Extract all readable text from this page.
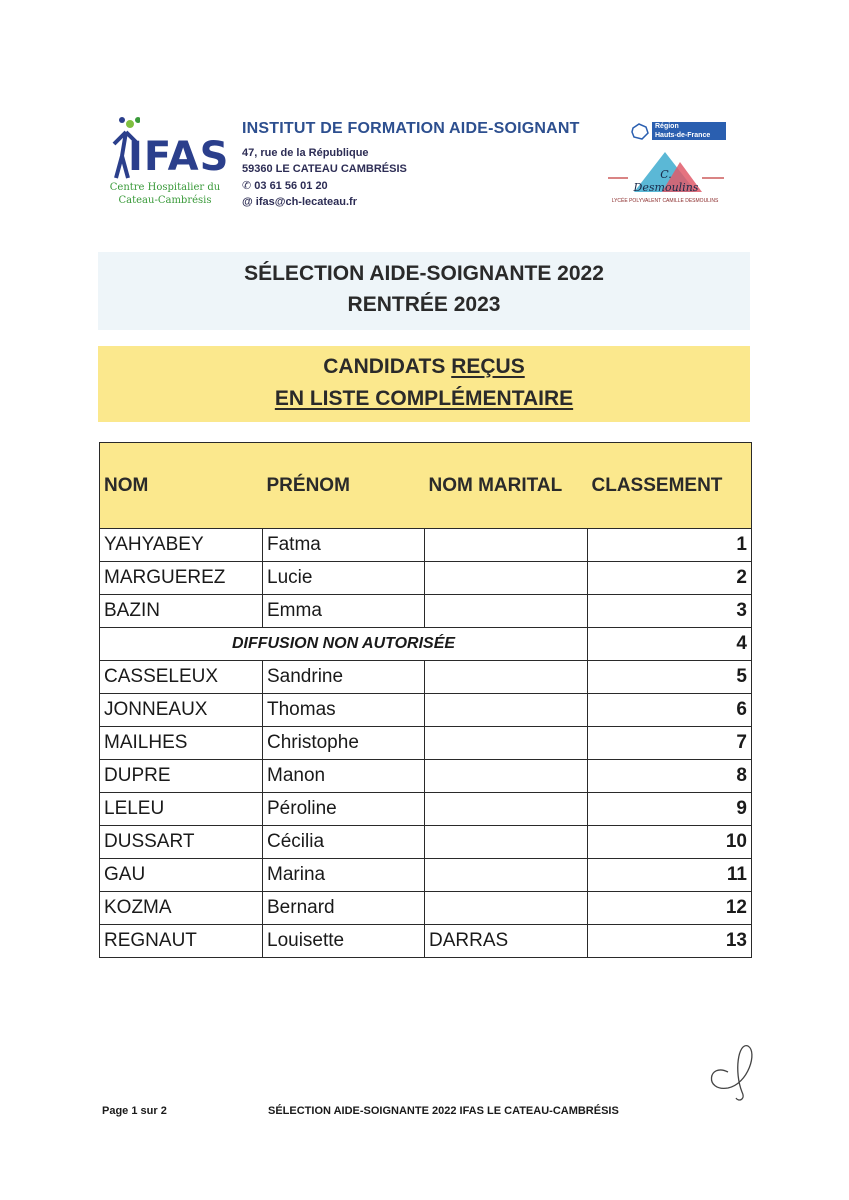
IFAS
Centre Hospitalier du
Cateau-Cambrésis
INSTITUT DE FORMATION AIDE-SOIGNANT
47, rue de la République
59360 LE CATEAU CAMBRÉSIS
✆ 03 61 56 01 20
@ ifas@ch-lecateau.fr
Région
Hauts-de-France
C. Desmoulins
LYCÉE POLYVALENT CAMILLE DESMOULINS
SÉLECTION AIDE-SOIGNANTE 2022
RENTRÉE 2023
CANDIDATS REÇUS
EN LISTE COMPLÉMENTAIRE
NOM	PRÉNOM	NOM MARITAL	CLASSEMENT
YAHYABEY	Fatma		1
MARGUEREZ	Lucie		2
BAZIN	Emma		3
DIFFUSION NON AUTORISÉE			4
CASSELEUX	Sandrine		5
JONNEAUX	Thomas		6
MAILHES	Christophe		7
DUPRE	Manon		8
LELEU	Péroline		9
DUSSART	Cécilia		10
GAU	Marina		11
KOZMA	Bernard		12
REGNAUT	Louisette	DARRAS	13
Page 1 sur 2	SÉLECTION AIDE-SOIGNANTE 2022 IFAS LE CATEAU-CAMBRÉSIS
